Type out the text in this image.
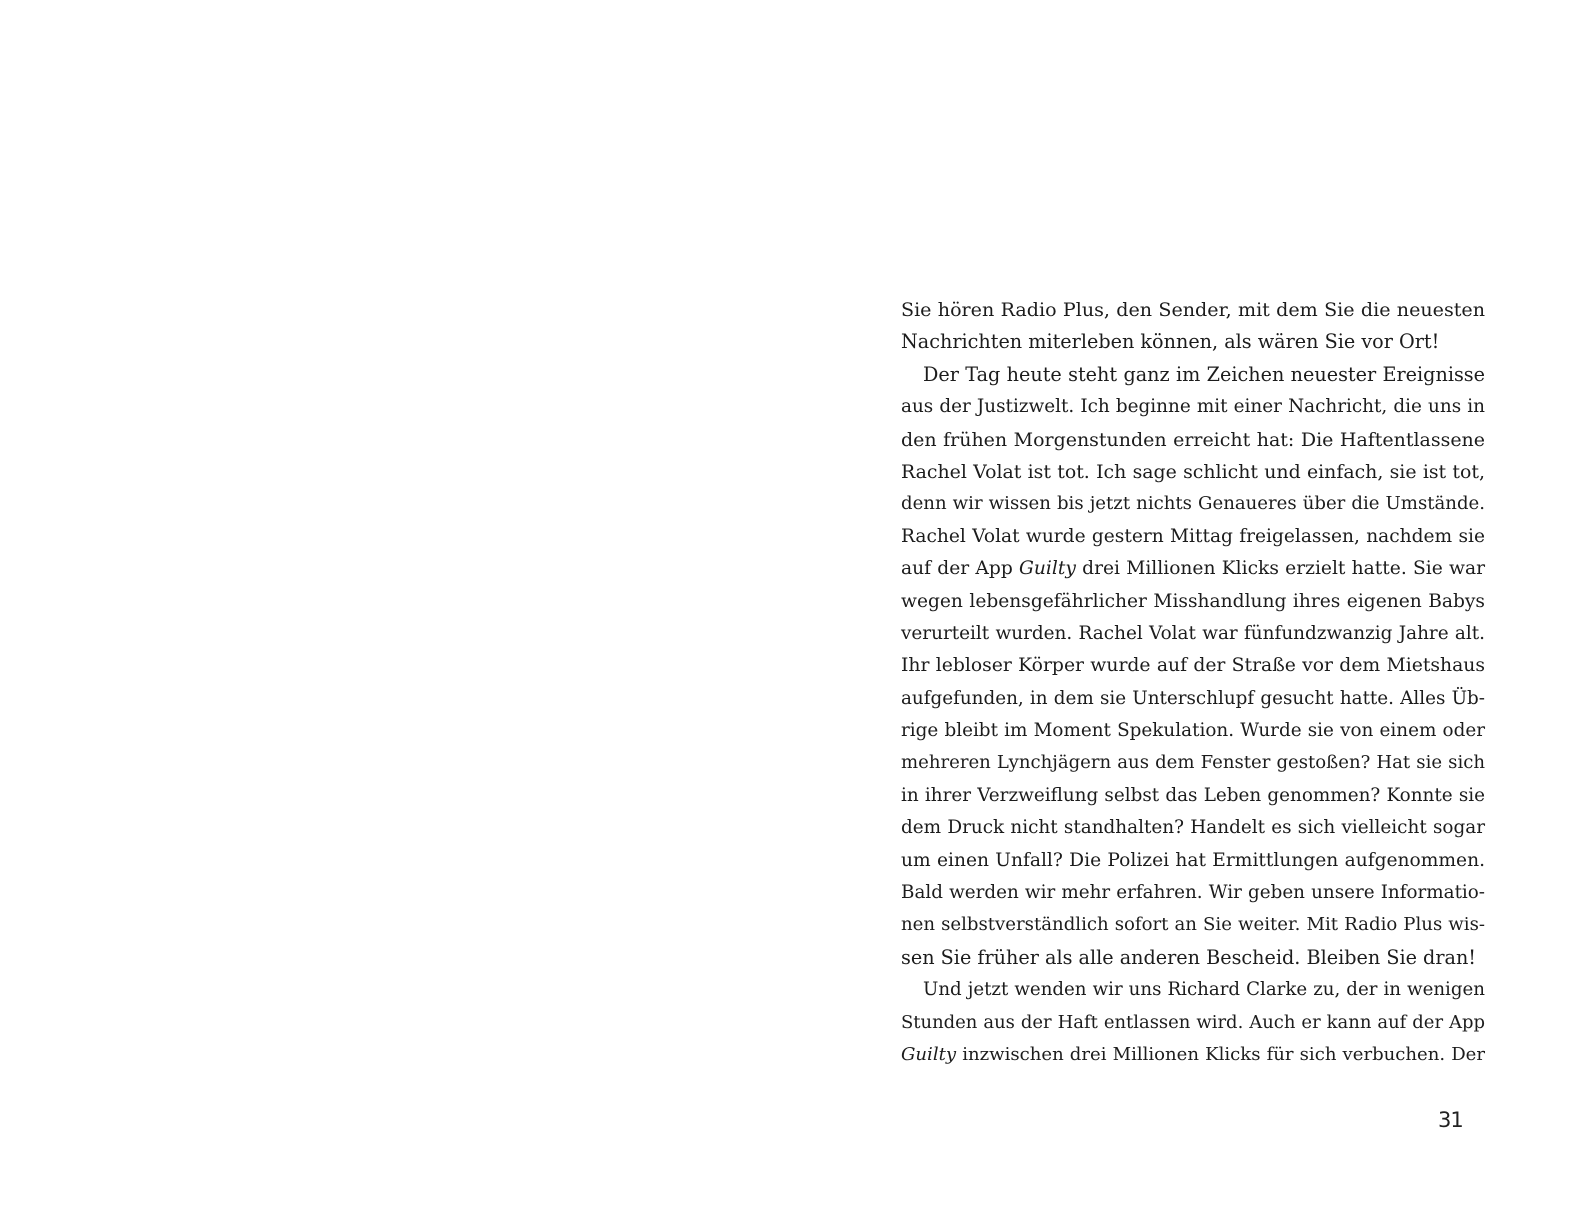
Sie hören Radio Plus, den Sender, mit dem Sie die neuesten
Nachrichten miterleben können, als wären Sie vor Ort!
Der Tag heute steht ganz im Zeichen neuester Ereignisse
aus der Justizwelt. Ich beginne mit einer Nachricht, die uns in
den frühen Morgenstunden erreicht hat: Die Haftentlassene
Rachel Volat ist tot. Ich sage schlicht und einfach, sie ist tot,
denn wir wissen bis jetzt nichts Genaueres über die Umstände.
Rachel Volat wurde gestern Mittag freigelassen, nachdem sie
auf der App Guilty drei Millionen Klicks erzielt hatte. Sie war
wegen lebensgefährlicher Misshandlung ihres eigenen Babys
verurteilt wurden. Rachel Volat war fünfundzwanzig Jahre alt.
Ihr lebloser Körper wurde auf der Straße vor dem Mietshaus
aufgefunden, in dem sie Unterschlupf gesucht hatte. Alles Üb-
rige bleibt im Moment Spekulation. Wurde sie von einem oder
mehreren Lynchjägern aus dem Fenster gestoßen? Hat sie sich
in ihrer Verzweiflung selbst das Leben genommen? Konnte sie
dem Druck nicht standhalten? Handelt es sich vielleicht sogar
um einen Unfall? Die Polizei hat Ermittlungen aufgenommen.
Bald werden wir mehr erfahren. Wir geben unsere Informatio-
nen selbstverständlich sofort an Sie weiter. Mit Radio Plus wis-
sen Sie früher als alle anderen Bescheid. Bleiben Sie dran!
Und jetzt wenden wir uns Richard Clarke zu, der in wenigen
Stunden aus der Haft entlassen wird. Auch er kann auf der App
Guilty inzwischen drei Millionen Klicks für sich verbuchen. Der
31
